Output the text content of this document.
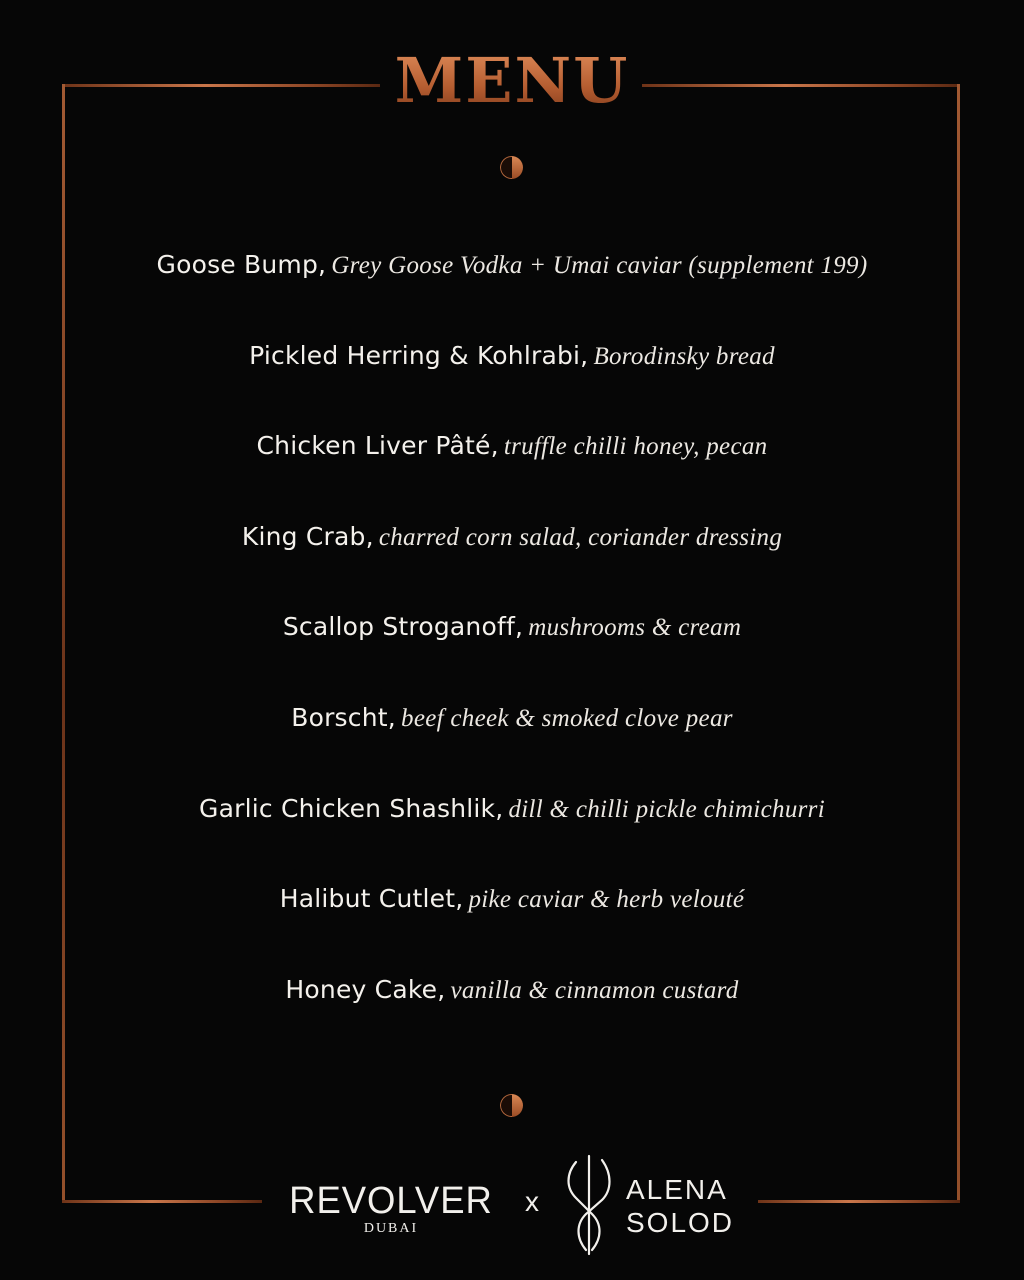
MENU
Goose Bump, Grey Goose Vodka + Umai caviar (supplement 199)
Pickled Herring & Kohlrabi, Borodinsky bread
Chicken Liver Pâté, truffle chilli honey, pecan
King Crab, charred corn salad, coriander dressing
Scallop Stroganoff, mushrooms & cream
Borscht, beef cheek & smoked clove pear
Garlic Chicken Shashlik, dill & chilli pickle chimichurri
Halibut Cutlet, pike caviar & herb velouté
Honey Cake, vanilla & cinnamon custard
REVOLVER
DUBAI
x	ALENA
SOLOD
